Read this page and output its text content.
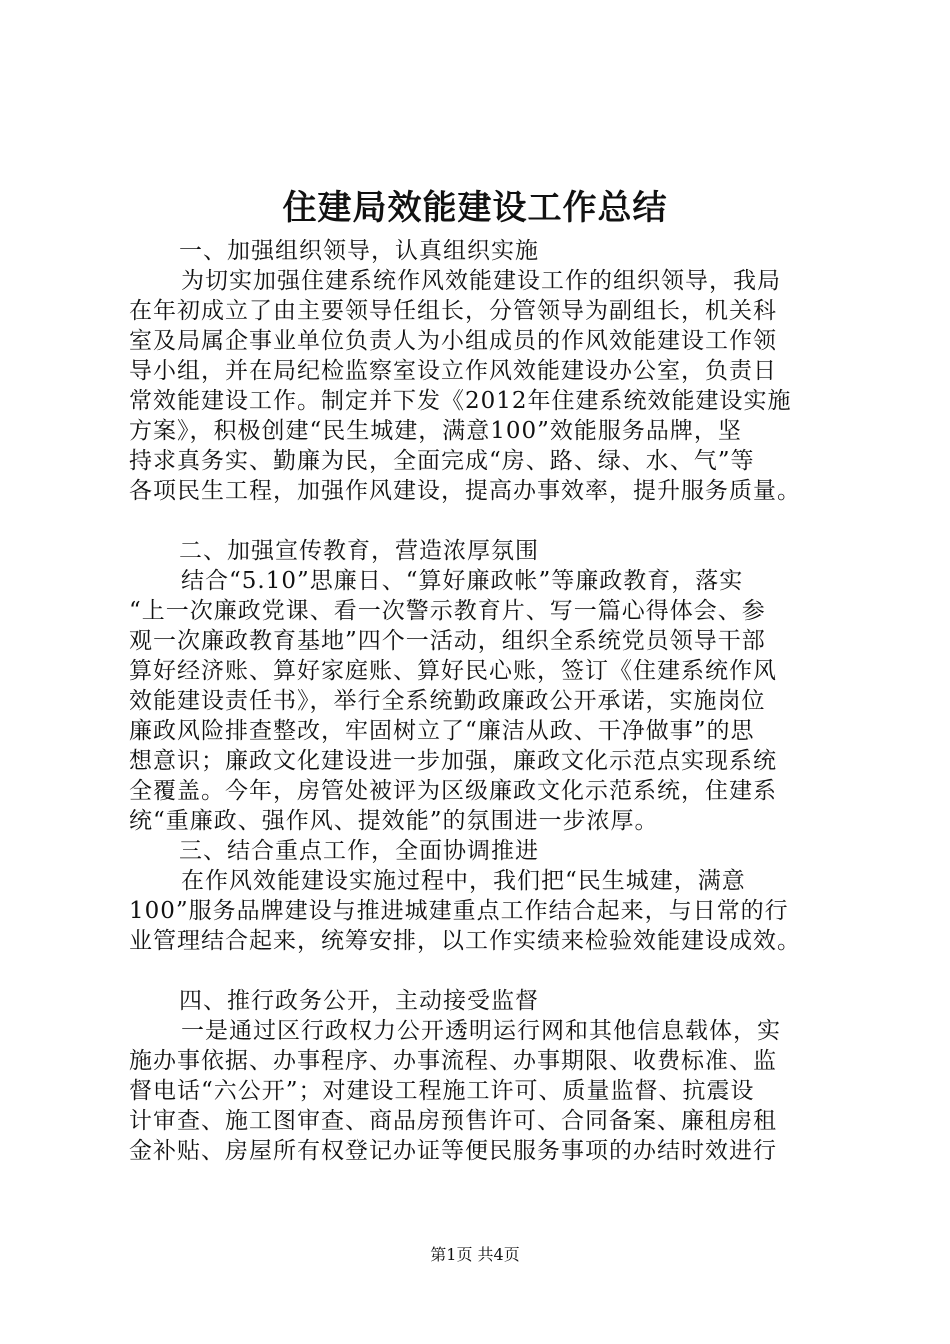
住建局效能建设工作总结
一、加强组织领导，认真组织实施
为切实加强住建系统作风效能建设工作的组织领导，我局
在年初成立了由主要领导任组长，分管领导为副组长，机关科
室及局属企事业单位负责人为小组成员的作风效能建设工作领
导小组，并在局纪检监察室设立作风效能建设办公室，负责日
常效能建设工作。制定并下发《2012年住建系统效能建设实施
方案》，积极创建“民生城建，满意100”效能服务品牌，坚
持求真务实、勤廉为民，全面完成“房、路、绿、水、气”等
各项民生工程，加强作风建设，提高办事效率，提升服务质量。
二、加强宣传教育，营造浓厚氛围
结合“5.10”思廉日、“算好廉政帐”等廉政教育，落实
“上一次廉政党课、看一次警示教育片、写一篇心得体会、参
观一次廉政教育基地”四个一活动，组织全系统党员领导干部
算好经济账、算好家庭账、算好民心账，签订《住建系统作风
效能建设责任书》，举行全系统勤政廉政公开承诺，实施岗位
廉政风险排查整改，牢固树立了“廉洁从政、干净做事”的思
想意识；廉政文化建设进一步加强，廉政文化示范点实现系统
全覆盖。今年，房管处被评为区级廉政文化示范系统，住建系
统“重廉政、强作风、提效能”的氛围进一步浓厚。
三、结合重点工作，全面协调推进
在作风效能建设实施过程中，我们把“民生城建，满意
100”服务品牌建设与推进城建重点工作结合起来，与日常的行
业管理结合起来，统筹安排，以工作实绩来检验效能建设成效。
四、推行政务公开，主动接受监督
一是通过区行政权力公开透明运行网和其他信息载体，实
施办事依据、办事程序、办事流程、办事期限、收费标准、监
督电话“六公开”；对建设工程施工许可、质量监督、抗震设
计审查、施工图审查、商品房预售许可、合同备案、廉租房租
金补贴、房屋所有权登记办证等便民服务事项的办结时效进行
第1页 共4页
